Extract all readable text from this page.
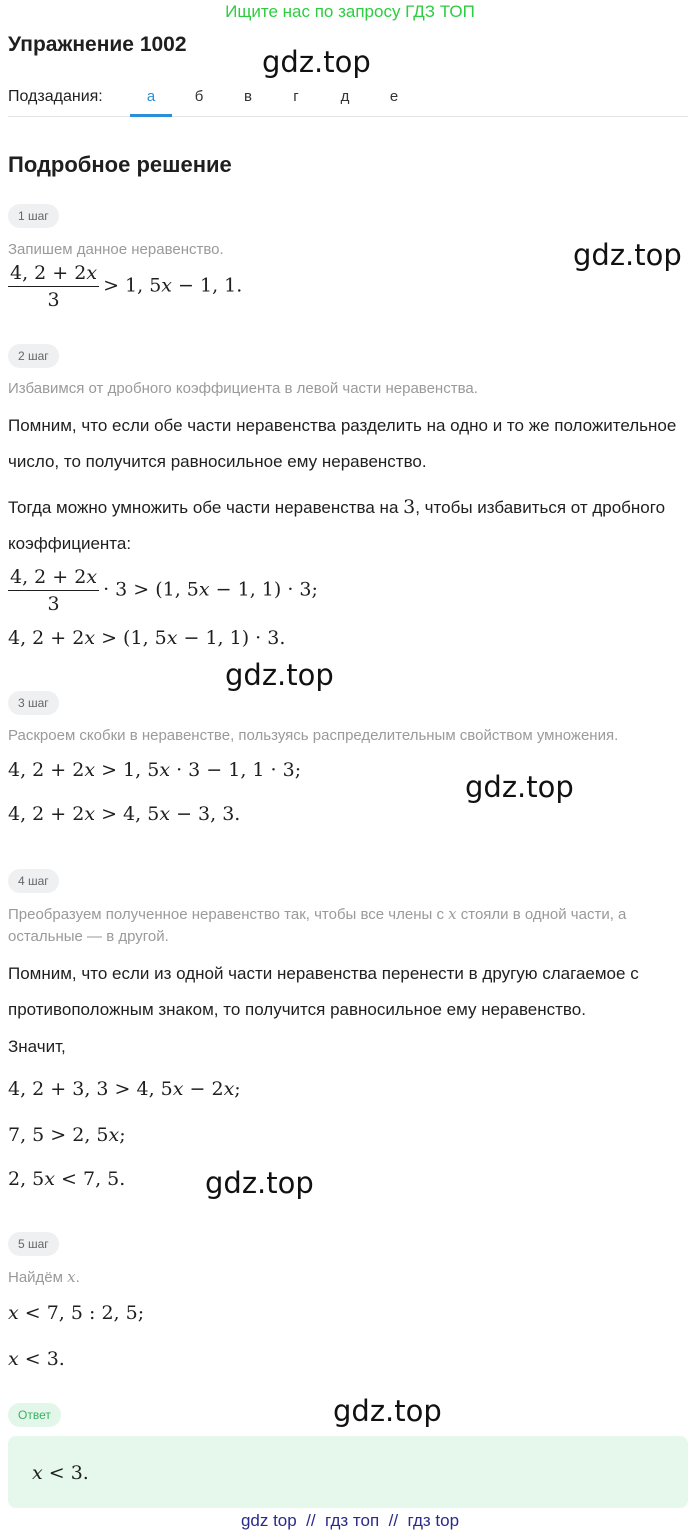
Ищите нас по запросу ГДЗ ТОП
Упражнение 1002
gdz.top
gdz.top
gdz.top
gdz.top
gdz.top
gdz.top
Подзадания:	а	б	в	г	д	е
Подробное решение
1 шаг
Запишем данное неравенство.
$\frac{4, 2 + 2x}{3} > 1$, 5x − 1, 1.
2 шаг
Избавимся от дробного коэффициента в левой части неравенства.
Помним, что если обе части неравенства разделить на одно и то же положительное число, то получится равносильное ему неравенство.
Тогда можно умножить обе части неравенства на 3, чтобы избавиться от дробного коэффициента:
$\frac{4, 2 + 2x}{3} \cdot 3 > (1$, 5x − 1, 1) · 3;
4, 2 + 2x > (1, 5x − 1, 1) · 3.
3 шаг
Раскроем скобки в неравенстве, пользуясь распределительным свойством умножения.
4, 2 + 2x > 1, 5x · 3 − 1, 1 · 3;
4, 2 + 2x > 4, 5x − 3, 3.
4 шаг
Преобразуем полученное неравенство так, чтобы все члены с x стояли в одной части, а остальные — в другой.
Помним, что если из одной части неравенства перенести в другую слагаемое с противоположным знаком, то получится равносильное ему неравенство.
Значит,
4, 2 + 3, 3 > 4, 5x − 2x;
7, 5 > 2, 5x;
2, 5x < 7, 5.
5 шаг
Найдём x.
x < 7, 5 : 2, 5;
x < 3.
Ответ
x < 3.
gdz top  //  гдз топ  //  гдз top
